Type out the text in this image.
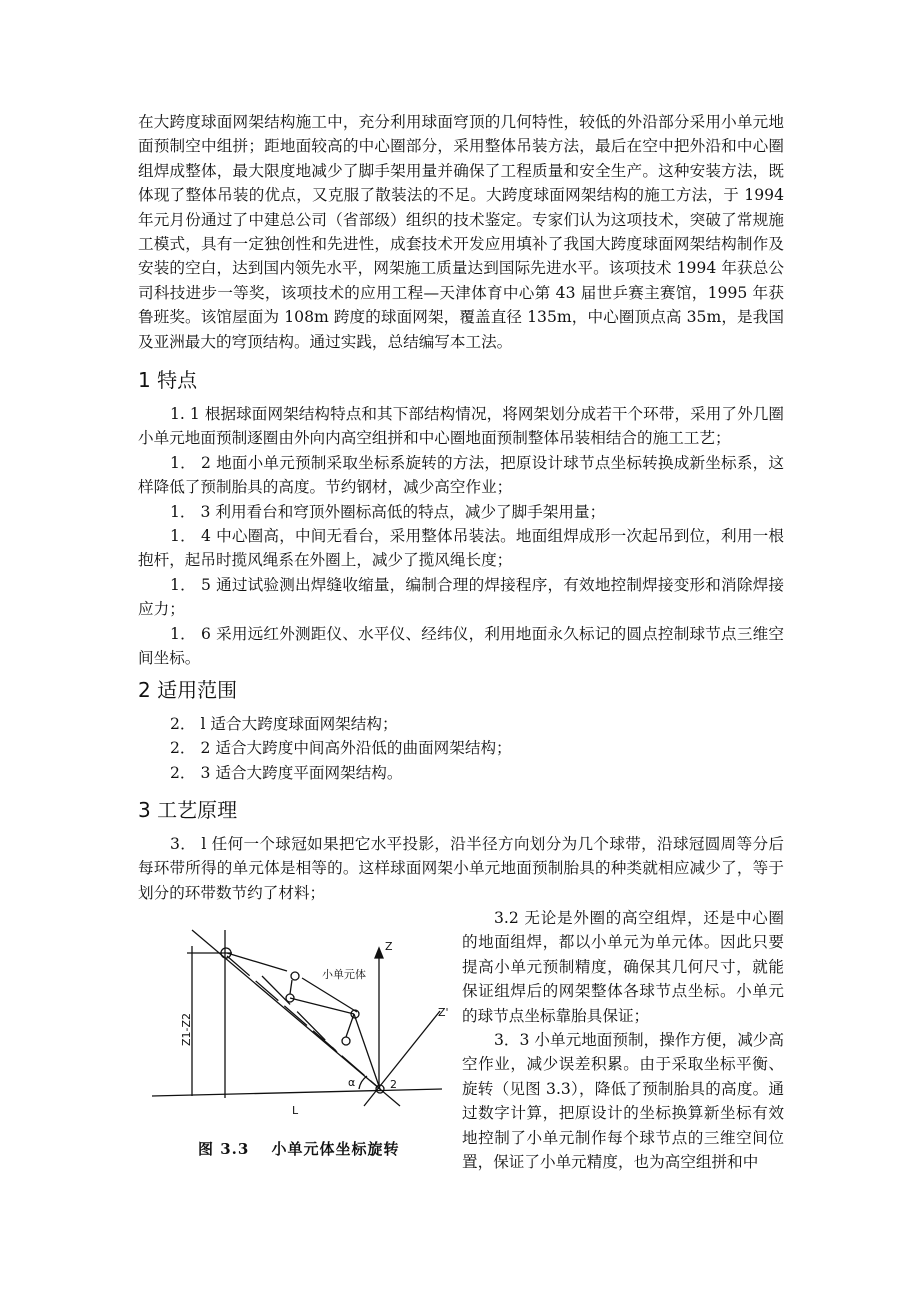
在大跨度球面网架结构施工中，充分利用球面穹顶的几何特性，较低的外沿部分采用小单元地面预制空中组拼；距地面较高的中心圈部分，采用整体吊装方法，最后在空中把外沿和中心圈组焊成整体，最大限度地减少了脚手架用量并确保了工程质量和安全生产。这种安装方法，既体现了整体吊装的优点，又克服了散装法的不足。大跨度球面网架结构的施工方法，于 1994 年元月份通过了中建总公司（省部级）组织的技术鉴定。专家们认为这项技术，突破了常规施工模式，具有一定独创性和先进性，成套技术开发应用填补了我国大跨度球面网架结构制作及安装的空白，达到国内领先水平，网架施工质量达到国际先进水平。该项技术 1994 年获总公司科技进步一等奖，该项技术的应用工程—天津体育中心第 43 届世乒赛主赛馆，1995 年获鲁班奖。该馆屋面为 108m 跨度的球面网架，覆盖直径 135m，中心圈顶点高 35m，是我国及亚洲最大的穹顶结构。通过实践，总结编写本工法。

1 特点

1. 1 根据球面网架结构特点和其下部结构情况，将网架划分成若干个环带，采用了外几圈小单元地面预制逐圈由外向内高空组拼和中心圈地面预制整体吊装相结合的施工工艺；

1． 2 地面小单元预制采取坐标系旋转的方法，把原设计球节点坐标转换成新坐标系，这样降低了预制胎具的高度。节约钢材，减少高空作业；

1． 3 利用看台和穹顶外圈标高低的特点，减少了脚手架用量；

1． 4 中心圈高，中间无看台，采用整体吊装法。地面组焊成形一次起吊到位，利用一根抱杆，起吊时揽风绳系在外圈上，减少了揽风绳长度；

1． 5 通过试验测出焊缝收缩量，编制合理的焊接程序，有效地控制焊接变形和消除焊接应力；

1． 6 采用远红外测距仪、水平仪、经纬仪，利用地面永久标记的圆点控制球节点三维空间坐标。

2 适用范围

2． l 适合大跨度球面网架结构；

2． 2 适合大跨度中间高外沿低的曲面网架结构；

2． 3 适合大跨度平面网架结构。

3 工艺原理

3． l 任何一个球冠如果把它水平投影，沿半径方向划分为几个球带，沿球冠圆周等分后每环带所得的单元体是相等的。这样球面网架小单元地面预制胎具的种类就相应减少了，等于划分的环带数节约了材料；

小单元体
Z
Z'
L
α	2
Z1-Z2
图 3.3　 小单元体坐标旋转

3.2 无论是外圈的高空组焊，还是中心圈的地面组焊，都以小单元为单元体。因此只要提高小单元预制精度，确保其几何尺寸，就能保证组焊后的网架整体各球节点坐标。小单元的球节点坐标靠胎具保证；

3．3 小单元地面预制，操作方便，减少高空作业，减少误差积累。由于采取坐标平衡、旋转（见图 3.3），降低了预制胎具的高度。通过数字计算，把原设计的坐标换算新坐标有效地控制了小单元制作每个球节点的三维空间位置，保证了小单元精度，也为高空组拼和中
